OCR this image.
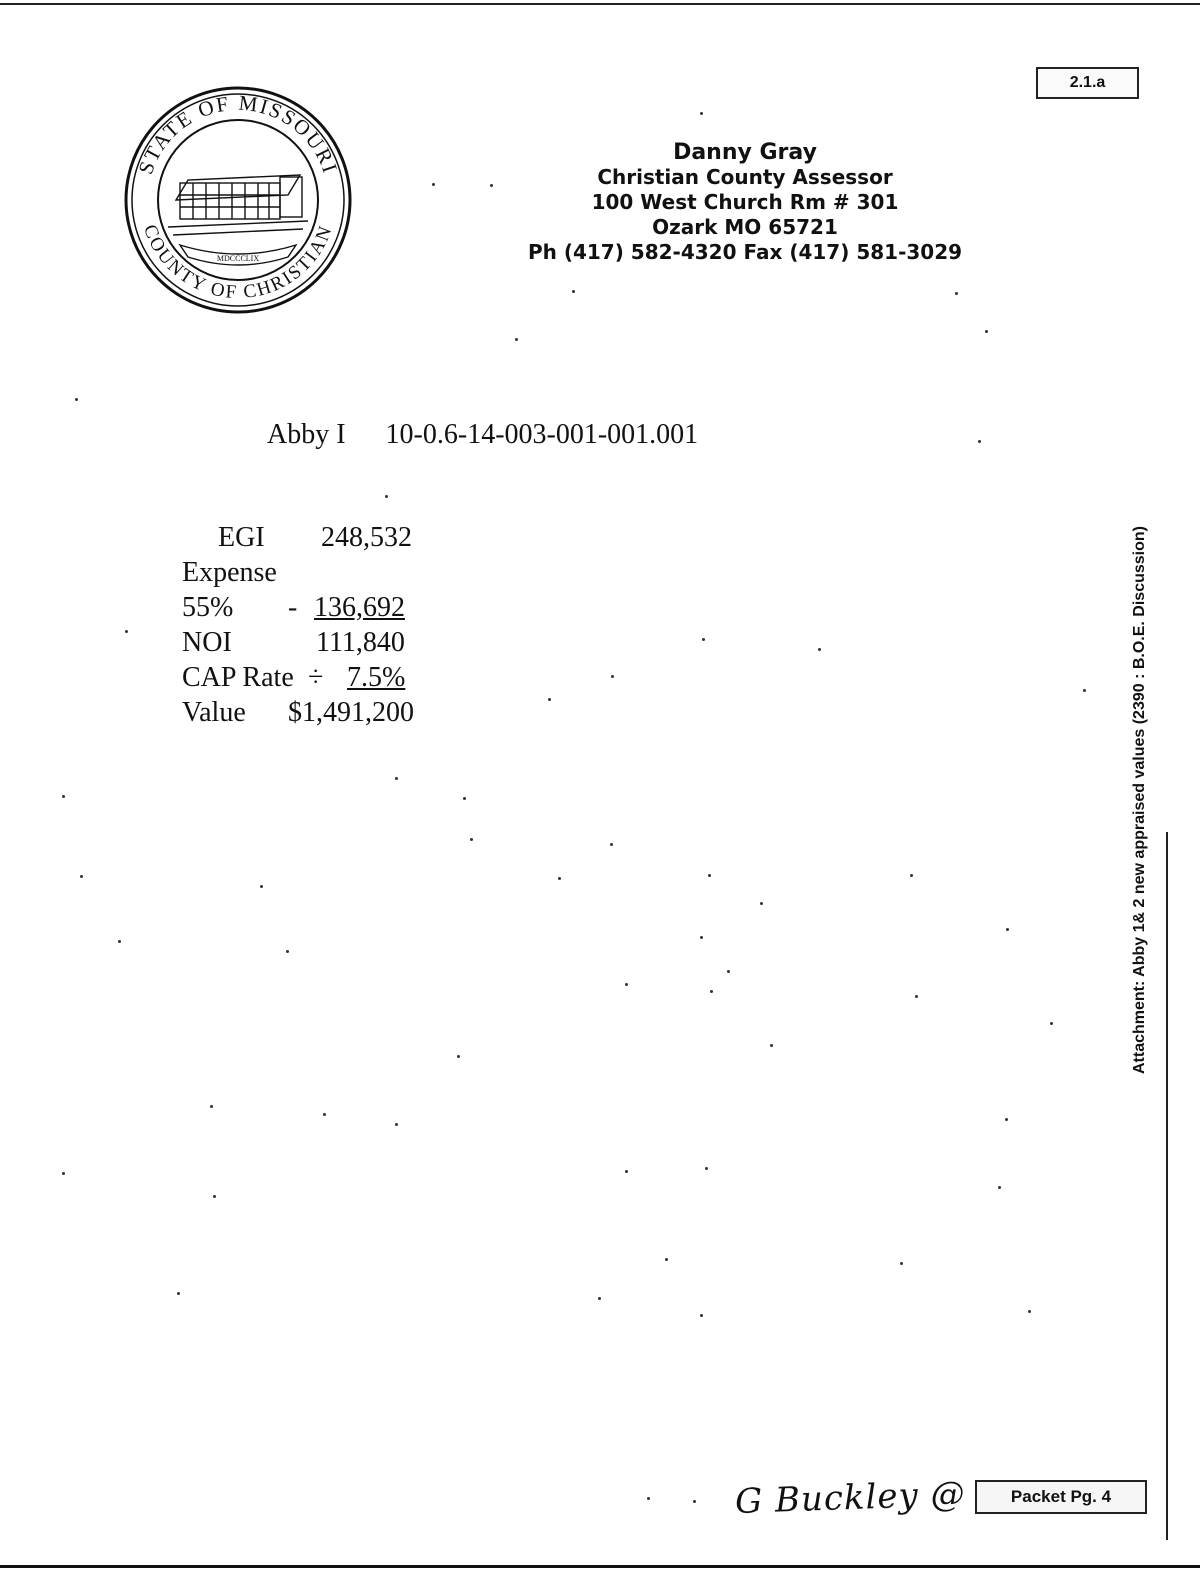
STATE OF MISSOURI
COUNTY OF CHRISTIAN
MDCCCLIX
Danny Gray
Christian County Assessor
100 West Church Rm # 301
Ozark MO 65721
Ph (417) 582-4320 Fax (417) 581-3029
2.1.a
Abby I 10-0.6-14-003-001-001.001
EGI 248,532
Expense
55% - 136,692
NOI	111,840
CAP Rate ÷ 7.5%
Value $1,491,200	Attachment: Abby 1& 2 new appraised values (2390 : B.O.E. Discussion)
G Buckley @	Packet Pg. 4
